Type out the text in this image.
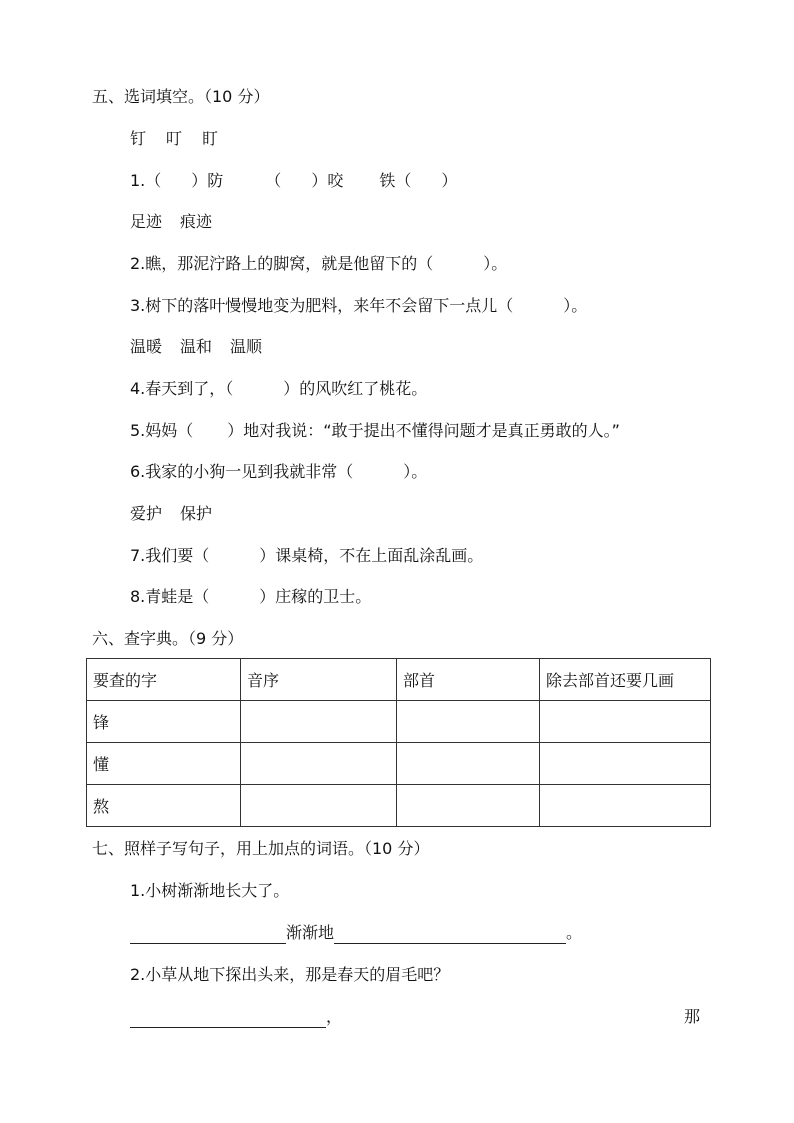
五、选词填空。（10 分）
钉 叮 盯
1.（ ）防	（ ）咬 铁（ ）
足迹 痕迹
2.瞧，那泥泞路上的脚窝，就是他留下的（	）。
3.树下的落叶慢慢地变为肥料，来年不会留下一点儿（	）。
温暖 温和 温顺
4.春天到了，（	）的风吹红了桃花。
5.妈妈（ ）地对我说：“敢于提出不懂得问题才是真正勇敢的人。”
6.我家的小狗一见到我就非常（	）。
爱护 保护
7.我们要（	）课桌椅，不在上面乱涂乱画。
8.青蛙是（	）庄稼的卫士。
六、查字典。（9 分）
要查的字	音序	部首	除去部首还要几画
锋			
懂			
熬			
七、照样子写句子，用上加点的词语。（10 分）
1.小树渐渐地长大了。
渐渐地	。
2.小草从地下探出头来，那是春天的眉毛吧？
，	那
